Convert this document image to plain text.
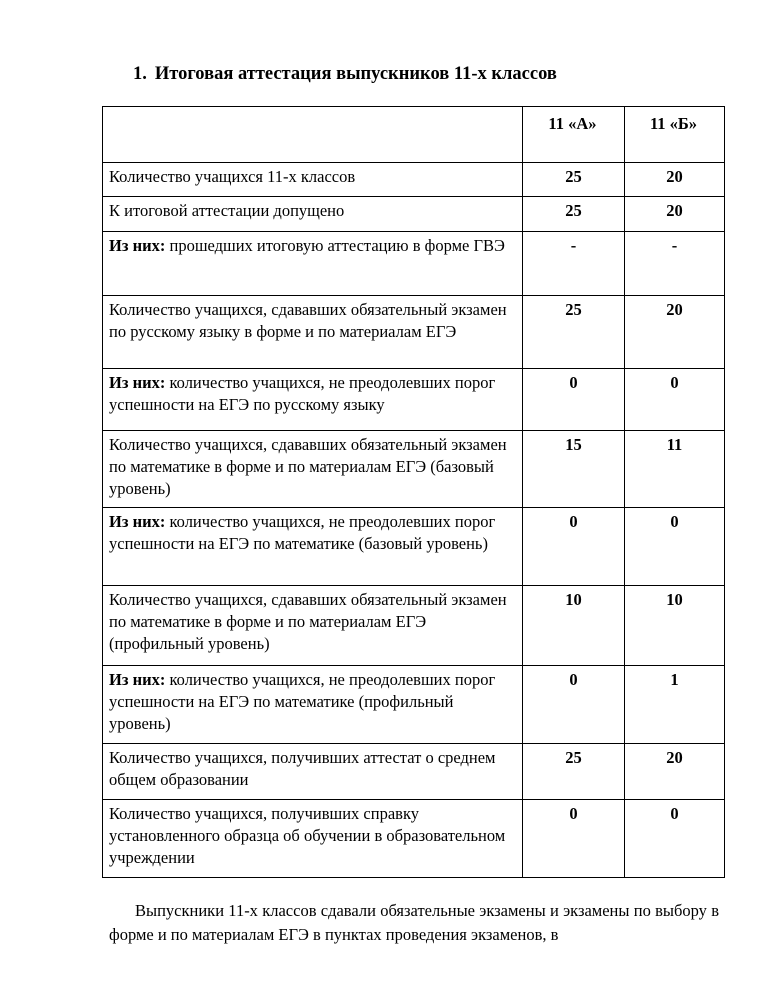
1. Итоговая аттестация выпускников 11-х классов
	11 «А»	11 «Б»
Количество учащихся 11-х классов	25	20
К итоговой аттестации допущено	25	20
Из них: прошедших итоговую аттестацию в форме ГВЭ	-	-
Количество учащихся, сдававших обязательный экзамен по русскому языку в форме и по материалам ЕГЭ	25	20
Из них: количество учащихся, не преодолевших порог успешности на ЕГЭ по русскому языку	0	0
Количество учащихся, сдававших обязательный экзамен по математике в форме и по материалам ЕГЭ (базовый уровень)	15	11
Из них: количество учащихся, не преодолевших порог успешности на ЕГЭ по математике (базовый уровень)	0	0
Количество учащихся, сдававших обязательный экзамен по математике в форме и по материалам ЕГЭ (профильный уровень)	10	10
Из них: количество учащихся, не преодолевших порог успешности на ЕГЭ по математике (профильный уровень)	0	1
Количество учащихся, получивших аттестат о среднем общем образовании	25	20
Количество учащихся, получивших справку установленного образца об обучении в образовательном учреждении	0	0

Выпускники 11-х классов сдавали обязательные экзамены и экзамены по выбору в форме и по материалам ЕГЭ в пунктах проведения экзаменов, в
